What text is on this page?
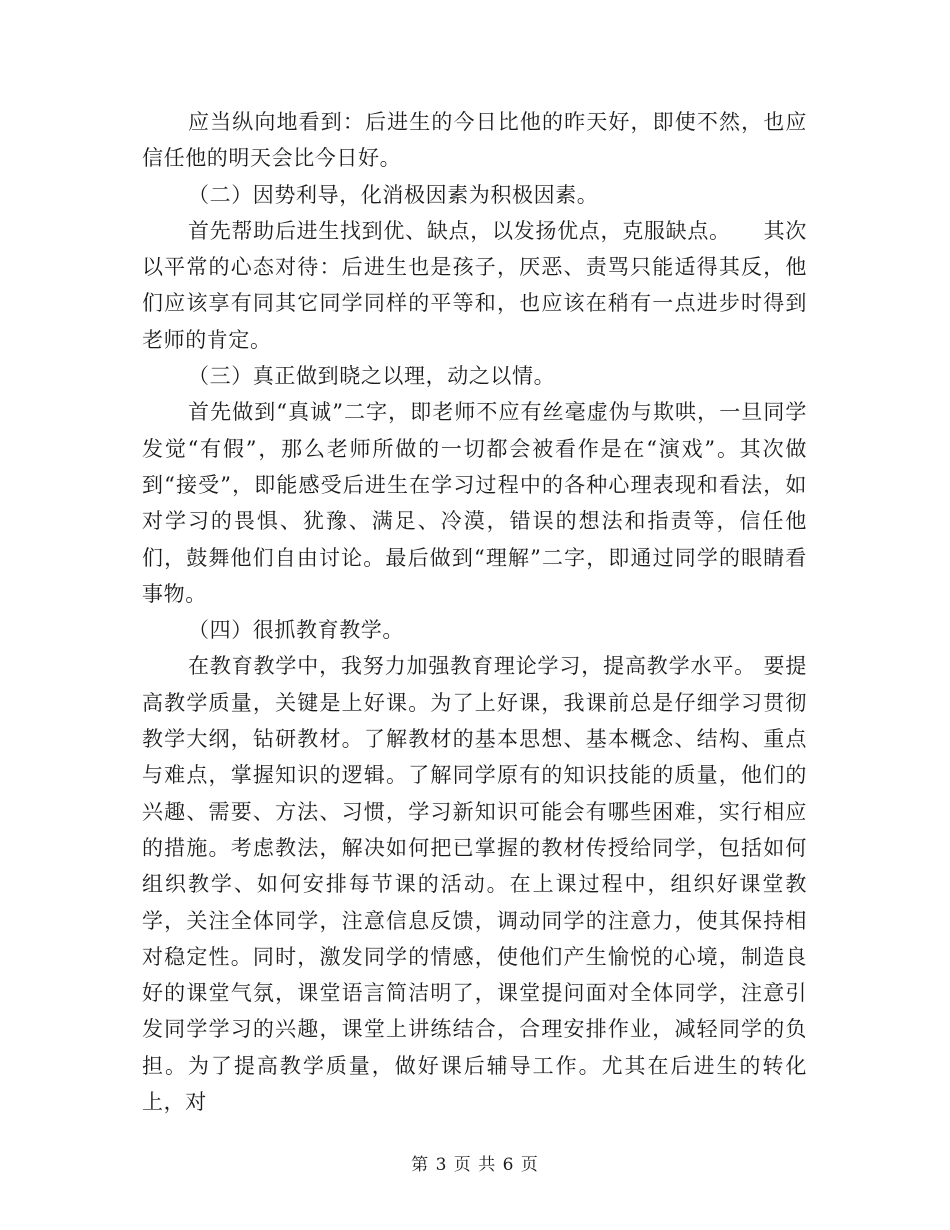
应当纵向地看到：后进生的今日比他的昨天好，即使不然，也应信任他的明天会比今日好。

（二）因势利导，化消极因素为积极因素。

首先帮助后进生找到优、缺点，以发扬优点，克服缺点。　　其次以平常的心态对待：后进生也是孩子，厌恶、责骂只能适得其反，他们应该享有同其它同学同样的平等和，也应该在稍有一点进步时得到老师的肯定。

（三）真正做到晓之以理，动之以情。

首先做到“真诚”二字，即老师不应有丝毫虚伪与欺哄，一旦同学发觉“有假”，那么老师所做的一切都会被看作是在“演戏”。其次做到“接受”，即能感受后进生在学习过程中的各种心理表现和看法，如对学习的畏惧、犹豫、满足、冷漠，错误的想法和指责等，信任他们，鼓舞他们自由讨论。最后做到“理解”二字，即通过同学的眼睛看事物。

（四）很抓教育教学。

在教育教学中，我努力加强教育理论学习，提高教学水平。 要提高教学质量，关键是上好课。为了上好课，我课前总是仔细学习贯彻教学大纲，钻研教材。了解教材的基本思想、基本概念、结构、重点与难点，掌握知识的逻辑。了解同学原有的知识技能的质量，他们的兴趣、需要、方法、习惯，学习新知识可能会有哪些困难，实行相应的措施。考虑教法，解决如何把已掌握的教材传授给同学，包括如何组织教学、如何安排每节课的活动。在上课过程中，组织好课堂教学，关注全体同学，注意信息反馈，调动同学的注意力，使其保持相对稳定性。同时，激发同学的情感，使他们产生愉悦的心境，制造良好的课堂气氛，课堂语言简洁明了，课堂提问面对全体同学，注意引发同学学习的兴趣，课堂上讲练结合，合理安排作业，减轻同学的负担。为了提高教学质量，做好课后辅导工作。尤其在后进生的转化上，对

第 3 页 共 6 页
